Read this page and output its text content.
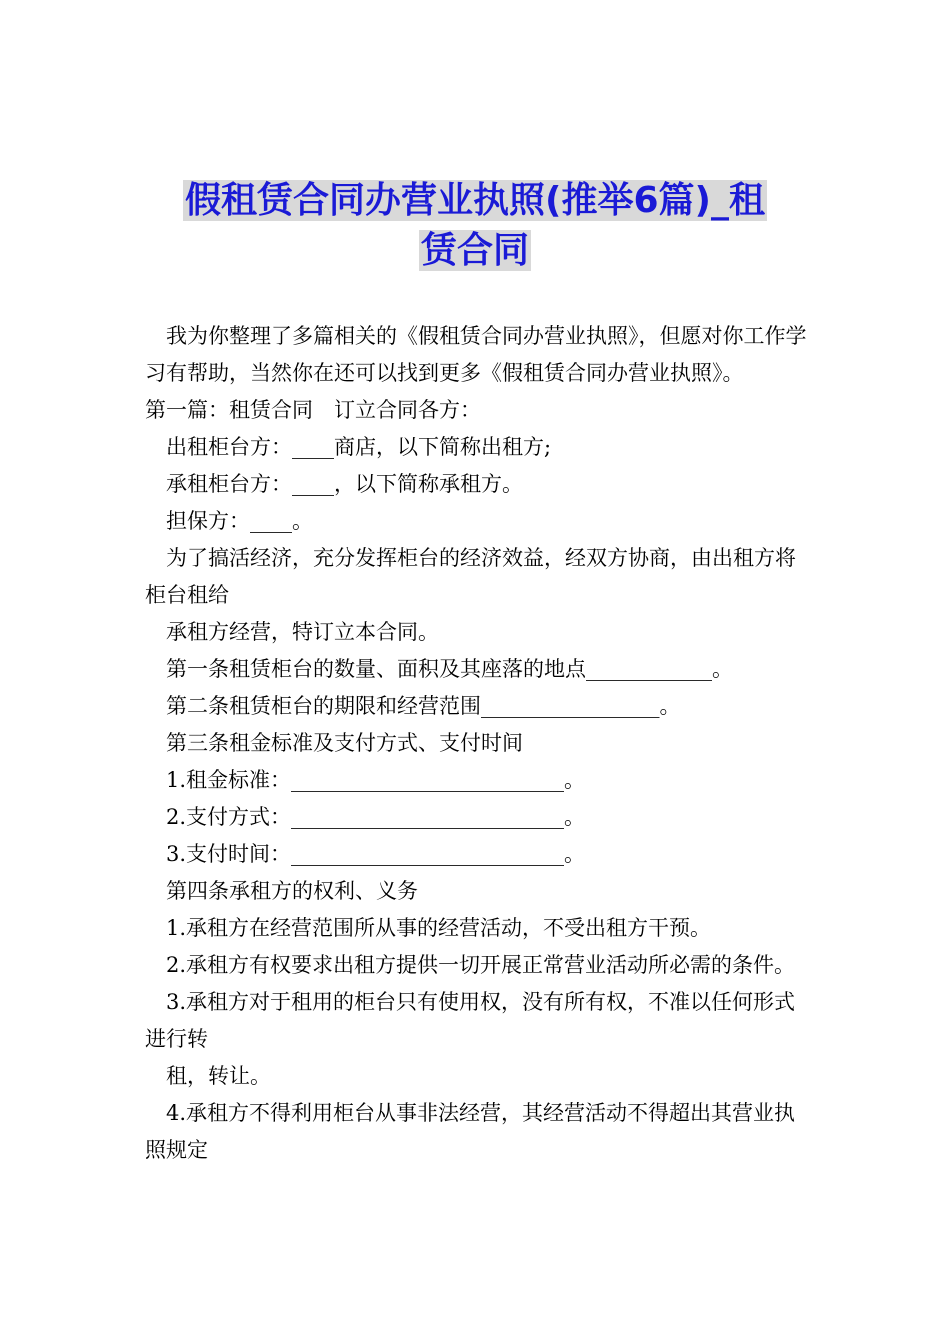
假租赁合同办营业执照(推举6篇)_租
赁合同

我为你整理了多篇相关的《假租赁合同办营业执照》，但愿对你工作学习有帮助，当然你在还可以找到更多《假租赁合同办营业执照》。

第一篇：租赁合同　订立合同各方：

出租柜台方：____商店，以下简称出租方;

承租柜台方：____，以下简称承租方。

担保方：____。

为了搞活经济，充分发挥柜台的经济效益，经双方协商，由出租方将柜台租给

承租方经营，特订立本合同。

第一条租赁柜台的数量、面积及其座落的地点____________。

第二条租赁柜台的期限和经营范围_________________。

第三条租金标准及支付方式、支付时间

1.租金标准：__________________________。

2.支付方式：__________________________。

3.支付时间：__________________________。

第四条承租方的权利、义务

1.承租方在经营范围所从事的经营活动，不受出租方干预。

2.承租方有权要求出租方提供一切开展正常营业活动所必需的条件。

3.承租方对于租用的柜台只有使用权，没有所有权，不准以任何形式进行转

租，转让。

4.承租方不得利用柜台从事非法经营，其经营活动不得超出其营业执照规定
